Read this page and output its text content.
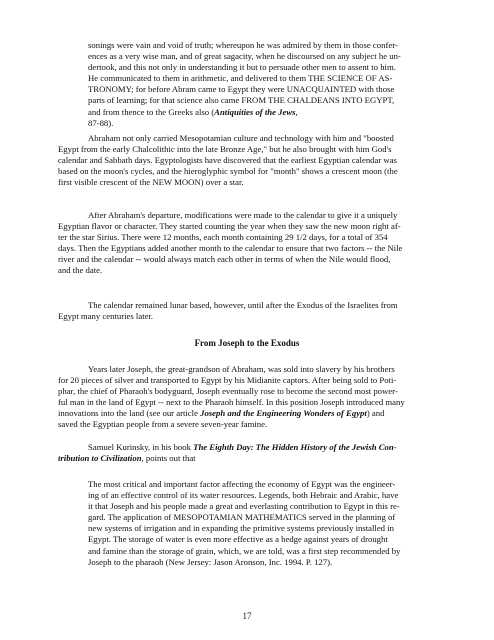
sonings were vain and void of truth; whereupon he was admired by them in those confer-
ences as a very wise man, and of great sagacity, when he discoursed on any subject he un-
dertook, and this not only in understanding it but to persuade other men to assent to him.
He communicated to them in arithmetic, and delivered to them THE SCIENCE OF AS-
TRONOMY; for before Abram came to Egypt they were UNACQUAINTED with those
parts of learning; for that science also came FROM THE CHALDEANS INTO EGYPT,
and from thence to the Greeks also (Antiquities of the Jews,
87-88).
Abraham not only carried Mesopotamian culture and technology with him and "boosted
Egypt from the early Chalcolithic into the late Bronze Age," but he also brought with him God's
calendar and Sabbath days. Egyptologists have discovered that the earliest Egyptian calendar was
based on the moon's cycles, and the hieroglyphic symbol for "month" shows a crescent moon (the
first visible crescent of the NEW MOON) over a star.
After Abraham's departure, modifications were made to the calendar to give it a uniquely
Egyptian flavor or character. They started counting the year when they saw the new moon right af-
ter the star Sirius. There were 12 months, each month containing 29 1/2 days, for a total of 354
days. Then the Egyptians added another month to the calendar to ensure that two factors -- the Nile
river and the calendar -- would always match each other in terms of when the Nile would flood,
and the date.
The calendar remained lunar based, however, until after the Exodus of the Israelites from
Egypt many centuries later.
From Joseph to the Exodus
Years later Joseph, the great-grandson of Abraham, was sold into slavery by his brothers
for 20 pieces of silver and transported to Egypt by his Midianite captors. After being sold to Poti-
phar, the chief of Pharaoh's bodyguard, Joseph eventually rose to become the second most power-
ful man in the land of Egypt -- next to the Pharaoh himself. In this position Joseph introduced many
innovations into the land (see our article Joseph and the Engineering Wonders of Egypt) and
saved the Egyptian people from a severe seven-year famine.
Samuel Kurinsky, in his book The Eighth Day: The Hidden History of the Jewish Con-
tribution to Civilization, points out that
The most critical and important factor affecting the economy of Egypt was the engineer-
ing of an effective control of its water resources. Legends, both Hebraic and Arabic, have
it that Joseph and his people made a great and everlasting contribution to Egypt in this re-
gard. The application of MESOPOTAMIAN MATHEMATICS served in the planning of
new systems of irrigation and in expanding the primitive systems previously installed in
Egypt. The storage of water is even more effective as a hedge against years of drought
and famine than the storage of grain, which, we are told, was a first step recommended by
Joseph to the pharaoh (New Jersey: Jason Aronson, Inc. 1994. P. 127).
17
